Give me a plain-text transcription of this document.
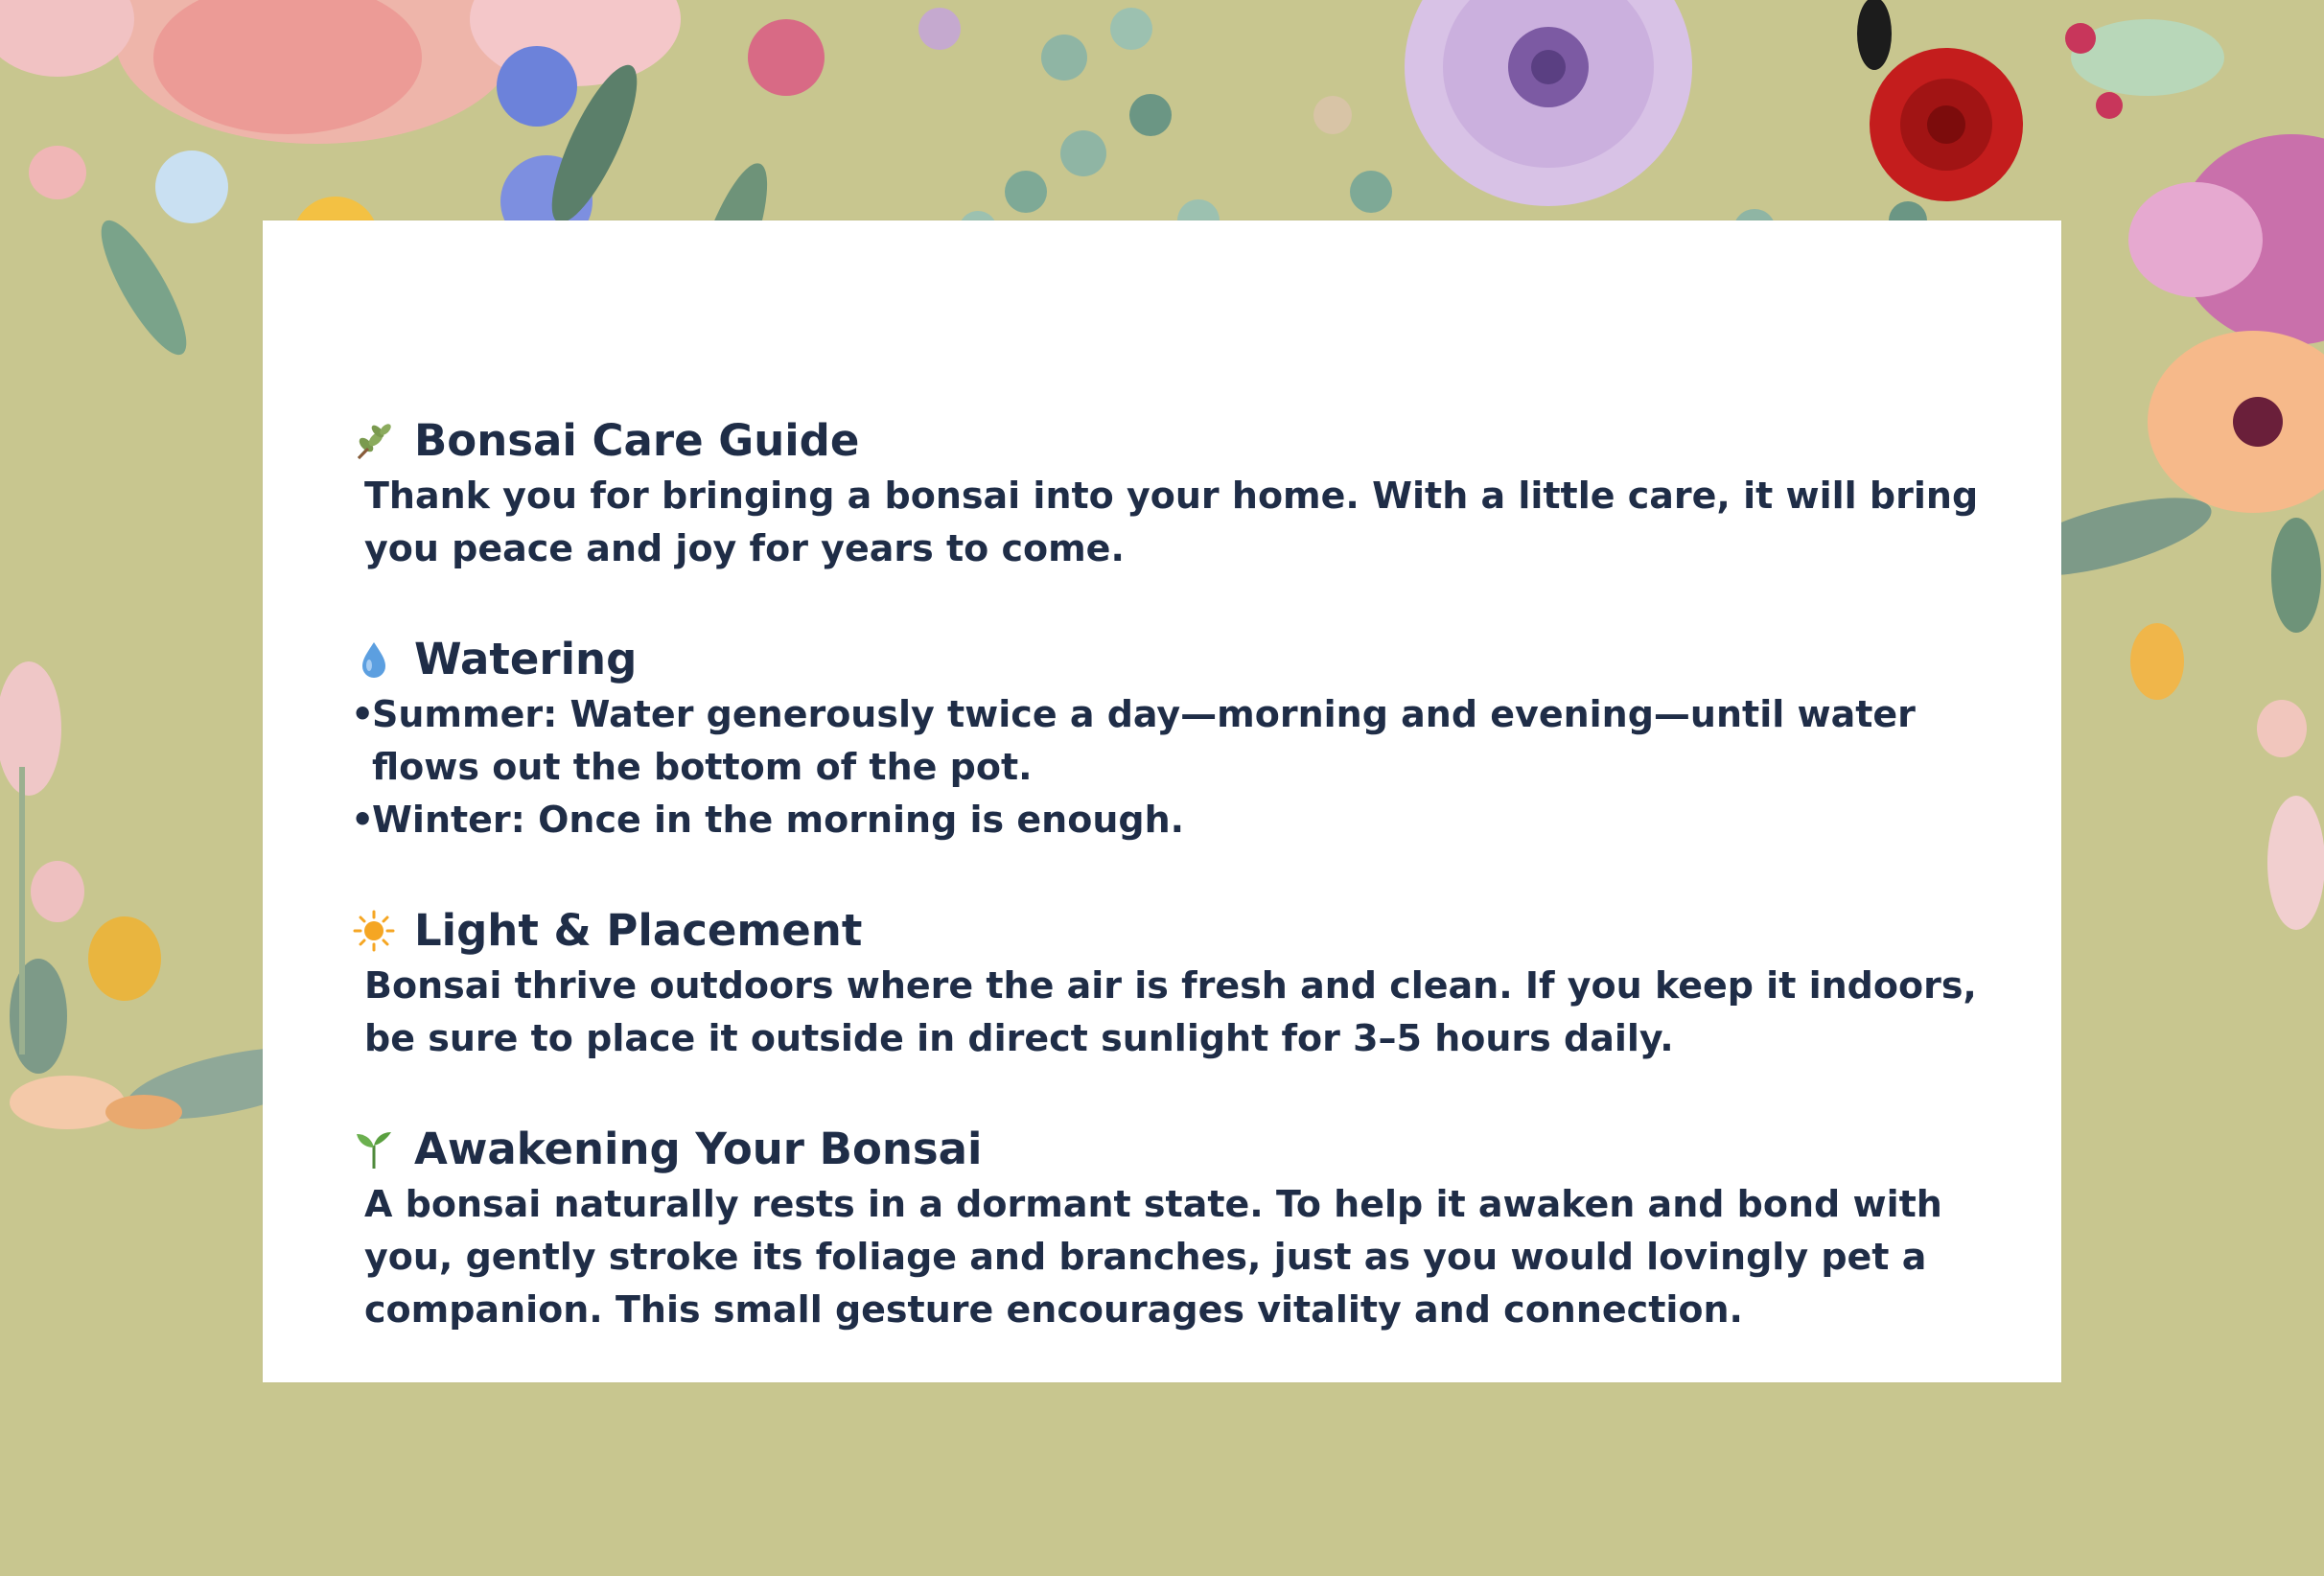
Bonsai Care Guide
Thank you for bringing a bonsai into your home. With a little care, it will bring you peace and joy for years to come.
Watering
•
Summer: Water generously twice a day—morning and evening—until water flows out the bottom of the pot.
•
Winter: Once in the morning is enough.
Light & Placement
Bonsai thrive outdoors where the air is fresh and clean. If you keep it indoors, be sure to place it outside in direct sunlight for 3–5 hours daily.
Awakening Your Bonsai
A bonsai naturally rests in a dormant state. To help it awaken and bond with you, gently stroke its foliage and branches, just as you would lovingly pet a companion. This small gesture encourages vitality and connection.
